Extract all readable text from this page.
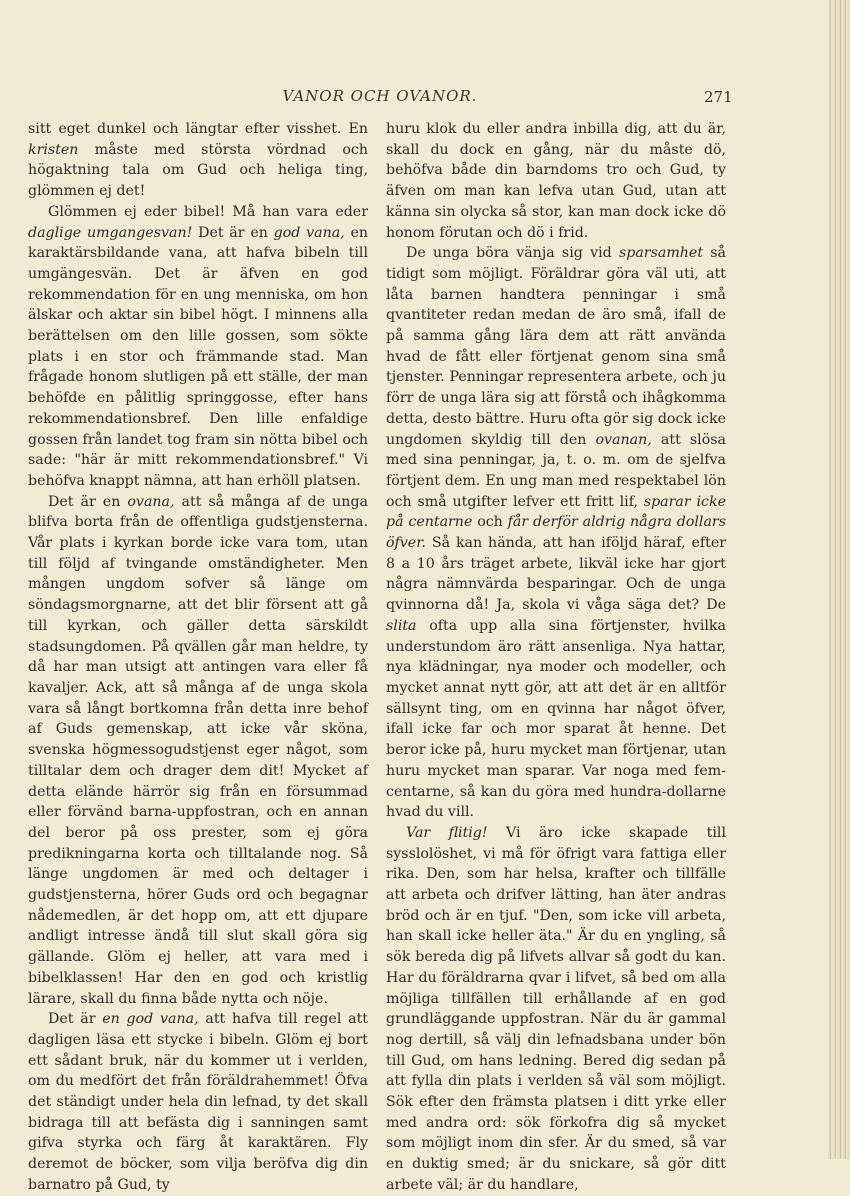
VANOR OCH OVANOR.	271

sitt eget dunkel och längtar efter visshet. En kristen måste med största vördnad och högaktning tala om Gud och heliga ting, glömmen ej det!

Glömmen ej eder bibel! Må han vara eder daglige umgangesvan! Det är en god vana, en karaktärsbildande vana, att hafva bibeln till umgängesvän. Det är äfven en god rekommendation för en ung menniska, om hon älskar och aktar sin bibel högt. I minnens alla berättelsen om den lille gossen, som sökte plats i en stor och främmande stad. Man frågade honom slutligen på ett ställe, der man behöfde en pålitlig springgosse, efter hans rekommendationsbref. Den lille enfaldige gossen från landet tog fram sin nötta bibel och sade: "här är mitt rekommendationsbref." Vi behöfva knappt nämna, att han erhöll platsen.

Det är en ovana, att så många af de unga blifva borta från de offentliga gudstjensterna. Vår plats i kyrkan borde icke vara tom, utan till följd af tvingande omständigheter. Men mången ungdom sofver så länge om söndagsmorgnarne, att det blir försent att gå till kyrkan, och gäller detta särskildt stadsungdomen. På qvällen går man heldre, ty då har man utsigt att antingen vara eller få kavaljer. Ack, att så många af de unga skola vara så långt bortkomna från detta inre behof af Guds gemenskap, att icke vår sköna, svenska högmessogudstjenst eger något, som tilltalar dem och drager dem dit! Mycket af detta elände härrör sig från en försummad eller förvänd barna-uppfostran, och en annan del beror på oss prester, som ej göra predikningarna korta och tilltalande nog. Så länge ungdomen är med och deltager i gudstjensterna, hörer Guds ord och begagnar nådemedlen, är det hopp om, att ett djupare andligt intresse ändå till slut skall göra sig gällande. Glöm ej heller, att vara med i bibelklassen! Har den en god och kristlig lärare, skall du finna både nytta och nöje.

Det är en god vana, att hafva till regel att dagligen läsa ett stycke i bibeln. Glöm ej bort ett sådant bruk, när du kommer ut i verlden, om du medfört det från föräldrahemmet! Öfva det ständigt under hela din lefnad, ty det skall bidraga till att befästa dig i sanningen samt gifva styrka och färg åt karaktären. Fly deremot de böcker, som vilja beröfva dig din barnatro på Gud, ty

huru klok du eller andra inbilla dig, att du är, skall du dock en gång, när du måste dö, behöfva både din barndoms tro och Gud, ty äfven om man kan lefva utan Gud, utan att känna sin olycka så stor, kan man dock icke dö honom förutan och dö i frid.

De unga böra vänja sig vid sparsamhet så tidigt som möjligt. Föräldrar göra väl uti, att låta barnen handtera penningar i små qvantiteter redan medan de äro små, ifall de på samma gång lära dem att rätt använda hvad de fått eller förtjenat genom sina små tjenster. Penningar representera arbete, och ju förr de unga lära sig att förstå och ihågkomma detta, desto bättre. Huru ofta gör sig dock icke ungdomen skyldig till den ovanan, att slösa med sina penningar, ja, t. o. m. om de sjelfva förtjent dem. En ung man med respektabel lön och små utgifter lefver ett fritt lif, sparar icke på centarne och får derför aldrig några dollars öfver. Så kan hända, att han iföljd häraf, efter 8 a 10 års träget arbete, likväl icke har gjort några nämnvärda besparingar. Och de unga qvinnorna då! Ja, skola vi våga säga det? De slita ofta upp alla sina förtjenster, hvilka understundom äro rätt ansenliga. Nya hattar, nya klädningar, nya moder och modeller, och mycket annat nytt gör, att att det är en alltför sällsynt ting, om en qvinna har något öfver, ifall icke far och mor sparat åt henne. Det beror icke på, huru mycket man förtjenar, utan huru mycket man sparar. Var noga med fem-centarne, så kan du göra med hundra-dollarne hvad du vill.

Var flitig! Vi äro icke skapade till sysslolöshet, vi må för öfrigt vara fattiga eller rika. Den, som har helsa, krafter och tillfälle att arbeta och drifver lätting, han äter andras bröd och är en tjuf. "Den, som icke vill arbeta, han skall icke heller äta." Är du en yngling, så sök bereda dig på lifvets allvar så godt du kan. Har du föräldrarna qvar i lifvet, så bed om alla möjliga tillfällen till erhållande af en god grundläggande uppfostran. När du är gammal nog dertill, så välj din lefnadsbana under bön till Gud, om hans ledning. Bered dig sedan på att fylla din plats i verlden så väl som möjligt. Sök efter den främsta platsen i ditt yrke eller med andra ord: sök förkofra dig så mycket som möjligt inom din sfer. Är du smed, så var en duktig smed; är du snickare, så gör ditt arbete väl; är du handlare,
